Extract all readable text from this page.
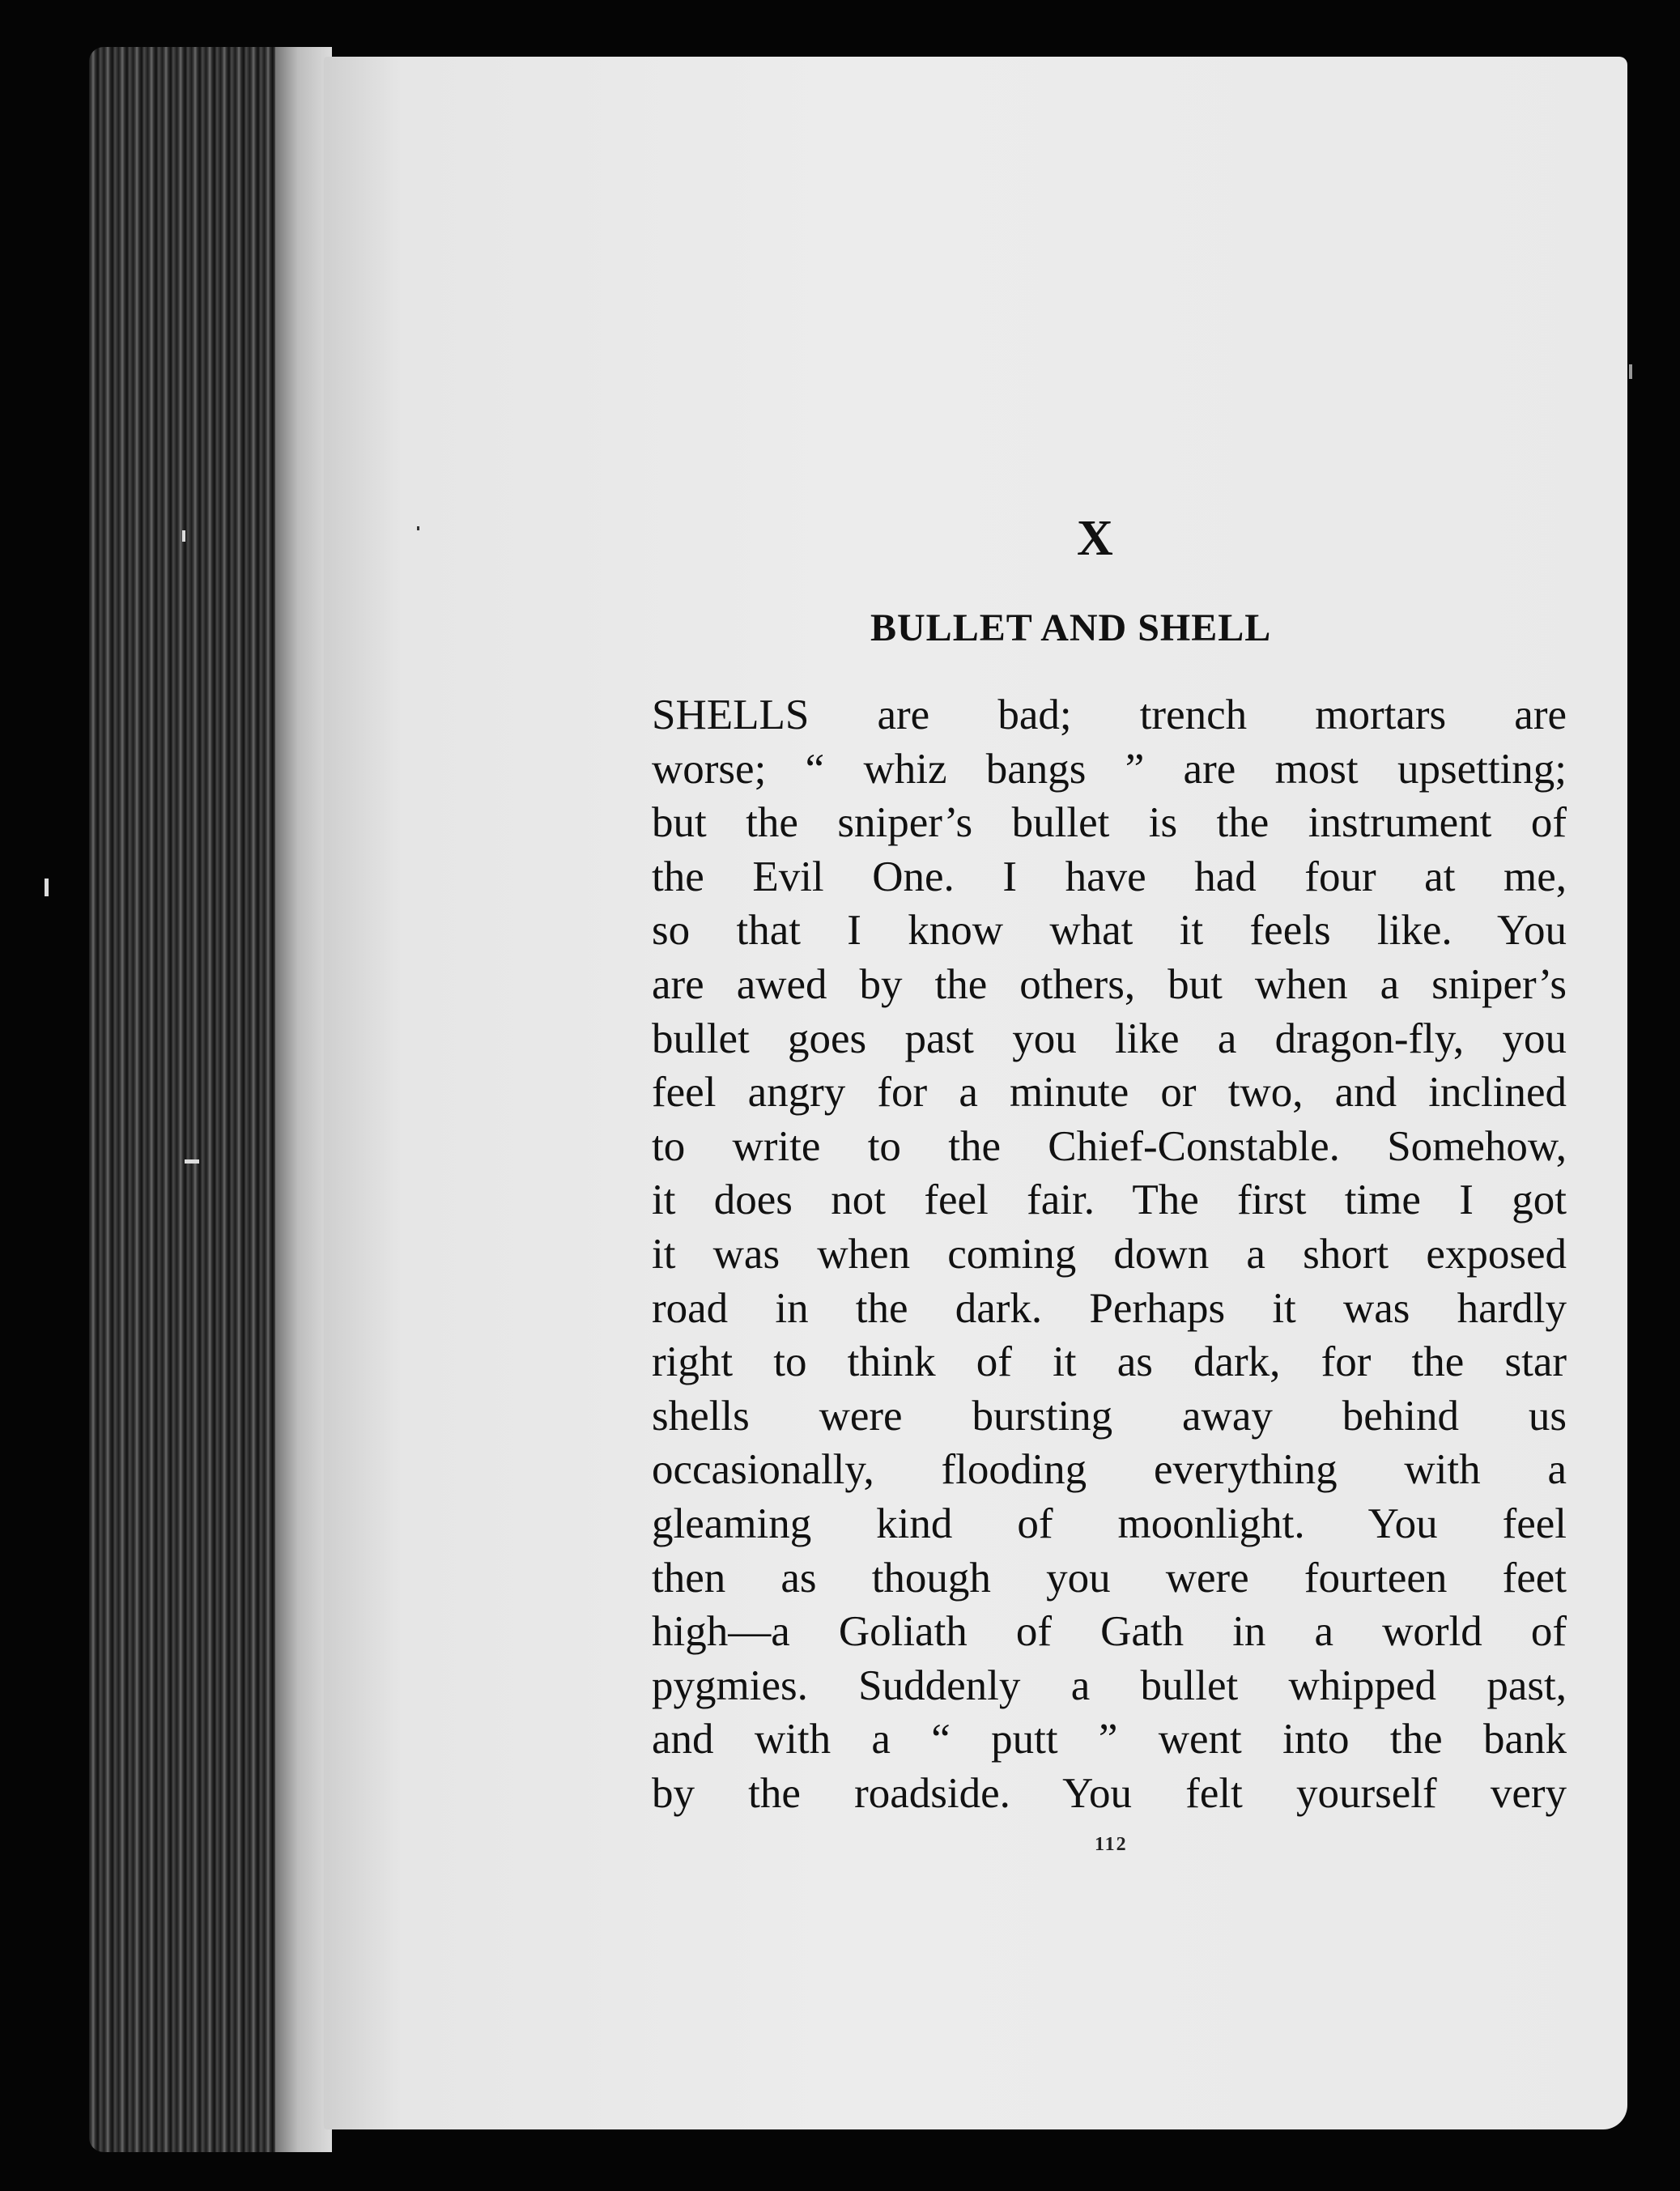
X
BULLET AND SHELL
SHELLS are bad; trench mortars are
worse; “ whiz bangs ” are most upsetting;
but the sniper’s bullet is the instrument of
the Evil One. I have had four at me,
so that I know what it feels like. You
are awed by the others, but when a sniper’s
bullet goes past you like a dragon-fly, you
feel angry for a minute or two, and inclined
to write to the Chief-Constable. Somehow,
it does not feel fair. The first time I got
it was when coming down a short exposed
road in the dark. Perhaps it was hardly
right to think of it as dark, for the star
shells were bursting away behind us
occasionally, flooding everything with a
gleaming kind of moonlight. You feel
then as though you were fourteen feet
high—a Goliath of Gath in a world of
pygmies. Suddenly a bullet whipped past,
and with a “ putt ” went into the bank
by the roadside. You felt yourself very
112
